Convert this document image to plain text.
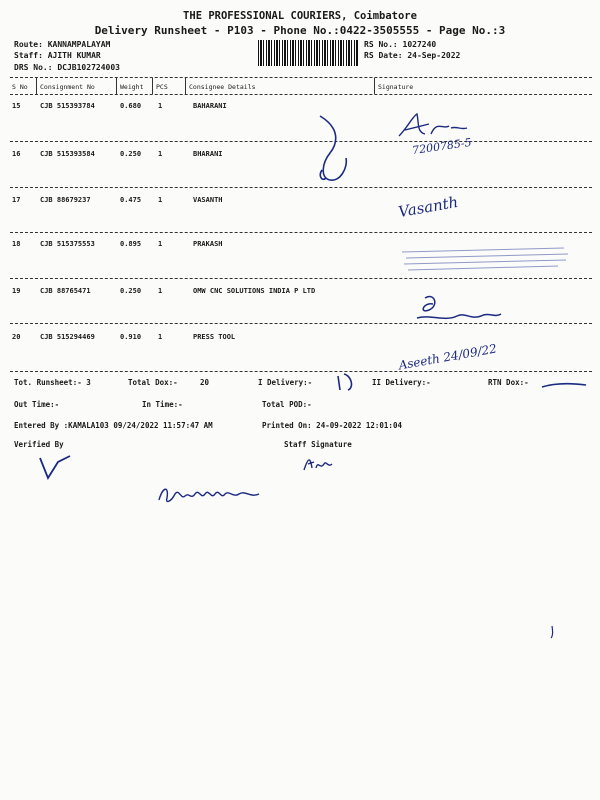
THE PROFESSIONAL COURIERS, Coimbatore
Delivery Runsheet - P103 - Phone No.:0422-3505555 - Page No.:3
Route: KANNAMPALAYAM
Staff: AJITH KUMAR
DRS No.: DCJB102724003
RS No.: 1027240
RS Date: 24-Sep-2022
S No Consignment No	Weight PCS	Consignee Details	Signature
15	CJB 515393784	0.680 1	BAHARANI
16	CJB 515393584	0.250 1	BHARANI
17	CJB 88679237	0.475 1	VASANTH
18	CJB 515375553	0.895 1	PRAKASH
19	CJB 88765471	0.250 1	OMW CNC SOLUTIONS INDIA P LTD
20	CJB 515294469	0.910 1	PRESS TOOL
7200785-5
Vasanth
Aseeth 24/09/22
Tot. Runsheet:- 3	Total Dox:-	20	I Delivery:-	II Delivery:-	RTN Dox:-
Out Time:-	In Time:-	Total POD:-
Entered By :KAMALA103 09/24/2022 11:57:47 AM	Printed On: 24-09-2022 12:01:04
Verified By	Staff Signature
